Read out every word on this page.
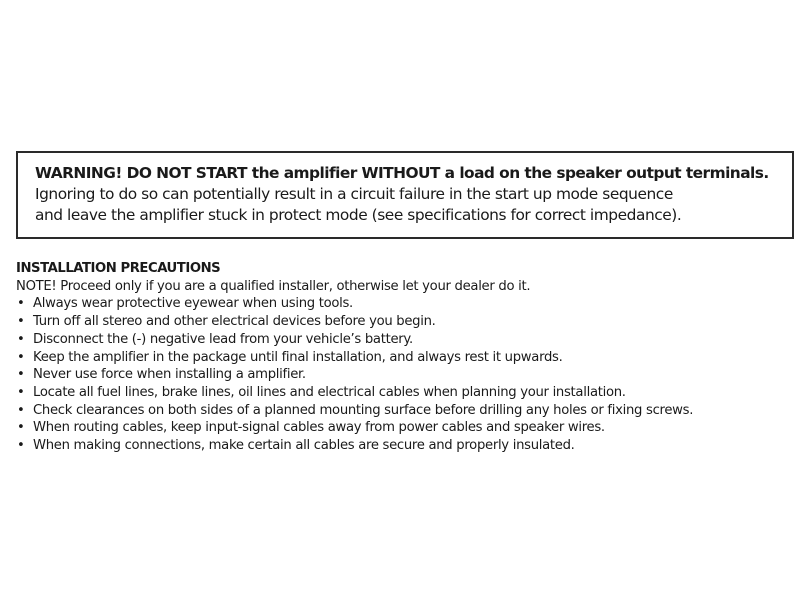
WARNING! DO NOT START the amplifier WITHOUT a load on the speaker output terminals.
Ignoring to do so can potentially result in a circuit failure in the start up mode sequence
and leave the amplifier stuck in protect mode (see specifications for correct impedance).
INSTALLATION PRECAUTIONS
NOTE! Proceed only if you are a qualified installer, otherwise let your dealer do it.
• Always wear protective eyewear when using tools.
• Turn off all stereo and other electrical devices before you begin.
• Disconnect the (-) negative lead from your vehicle’s battery.
• Keep the amplifier in the package until final installation, and always rest it upwards.
• Never use force when installing a amplifier.
• Locate all fuel lines, brake lines, oil lines and electrical cables when planning your installation.
• Check clearances on both sides of a planned mounting surface before drilling any holes or fixing screws.
• When routing cables, keep input-signal cables away from power cables and speaker wires.
• When making connections, make certain all cables are secure and properly insulated.
